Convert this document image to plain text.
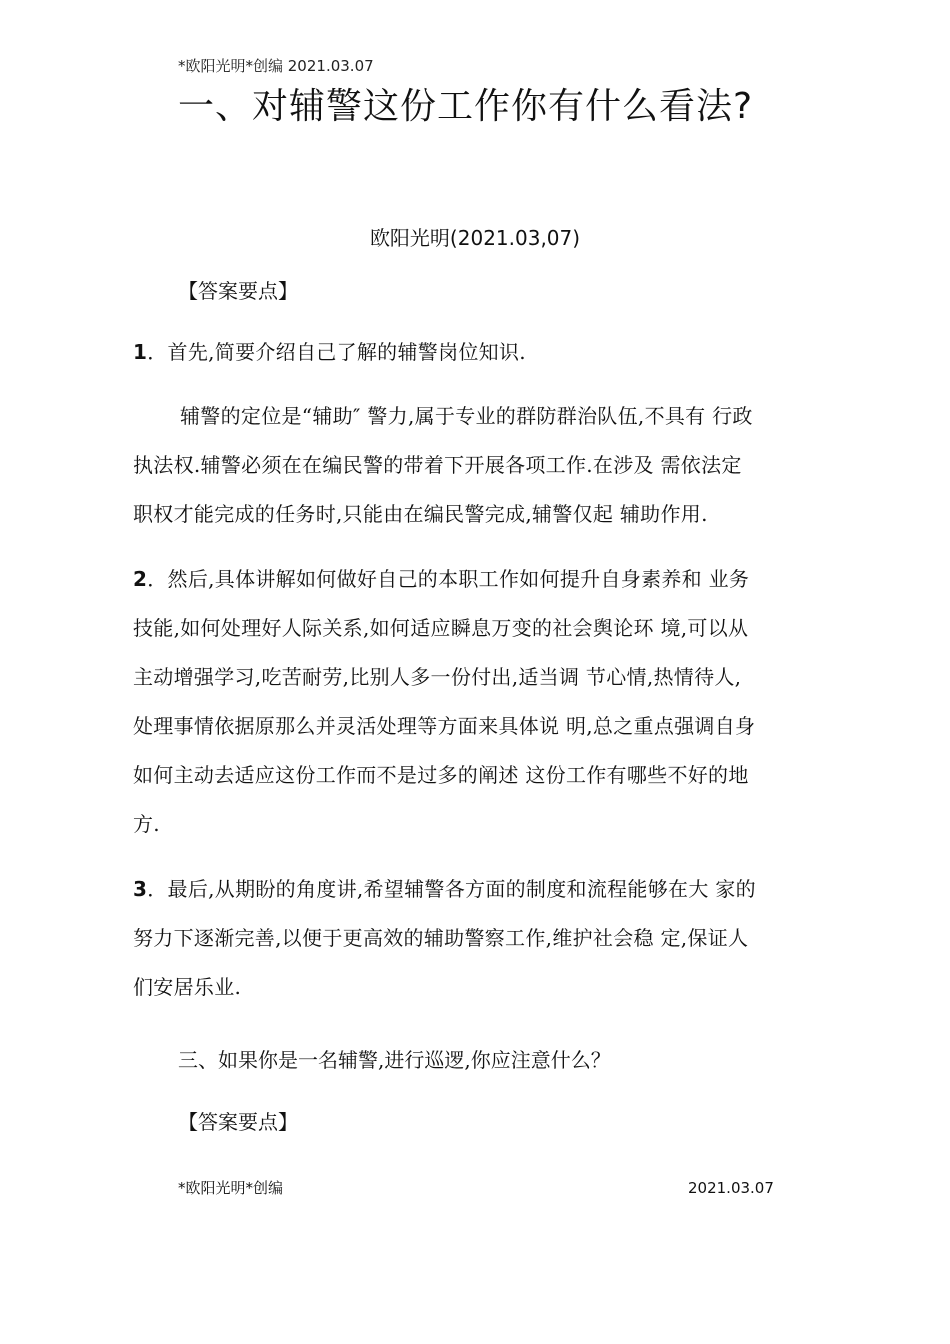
*欧阳光明*创编 2021.03.07
一、对辅警这份工作你有什么看法?
欧阳光明(2021.03,07)
【答案要点】
1．首先,简要介绍自己了解的辅警岗位知识.
辅警的定位是“辅助″ 警力,属于专业的群防群治队伍,不具有 行政
执法权.辅警必须在在编民警的带着下开展各项工作.在涉及 需依法定
职权才能完成的任务时,只能由在编民警完成,辅警仅起 辅助作用.
2．然后,具体讲解如何做好自己的本职工作如何提升自身素养和 业务
技能,如何处理好人际关系,如何适应瞬息万变的社会舆论环 境,可以从
主动增强学习,吃苦耐劳,比别人多一份付出,适当调 节心情,热情待人,
处理事情依据原那么并灵活处理等方面来具体说 明,总之重点强调自身
如何主动去适应这份工作而不是过多的阐述 这份工作有哪些不好的地
方.
3．最后,从期盼的角度讲,希望辅警各方面的制度和流程能够在大 家的
努力下逐渐完善,以便于更高效的辅助警察工作,维护社会稳 定,保证人
们安居乐业.
三、如果你是一名辅警,进行巡逻,你应注意什么？
【答案要点】
*欧阳光明*创编	2021.03.07
